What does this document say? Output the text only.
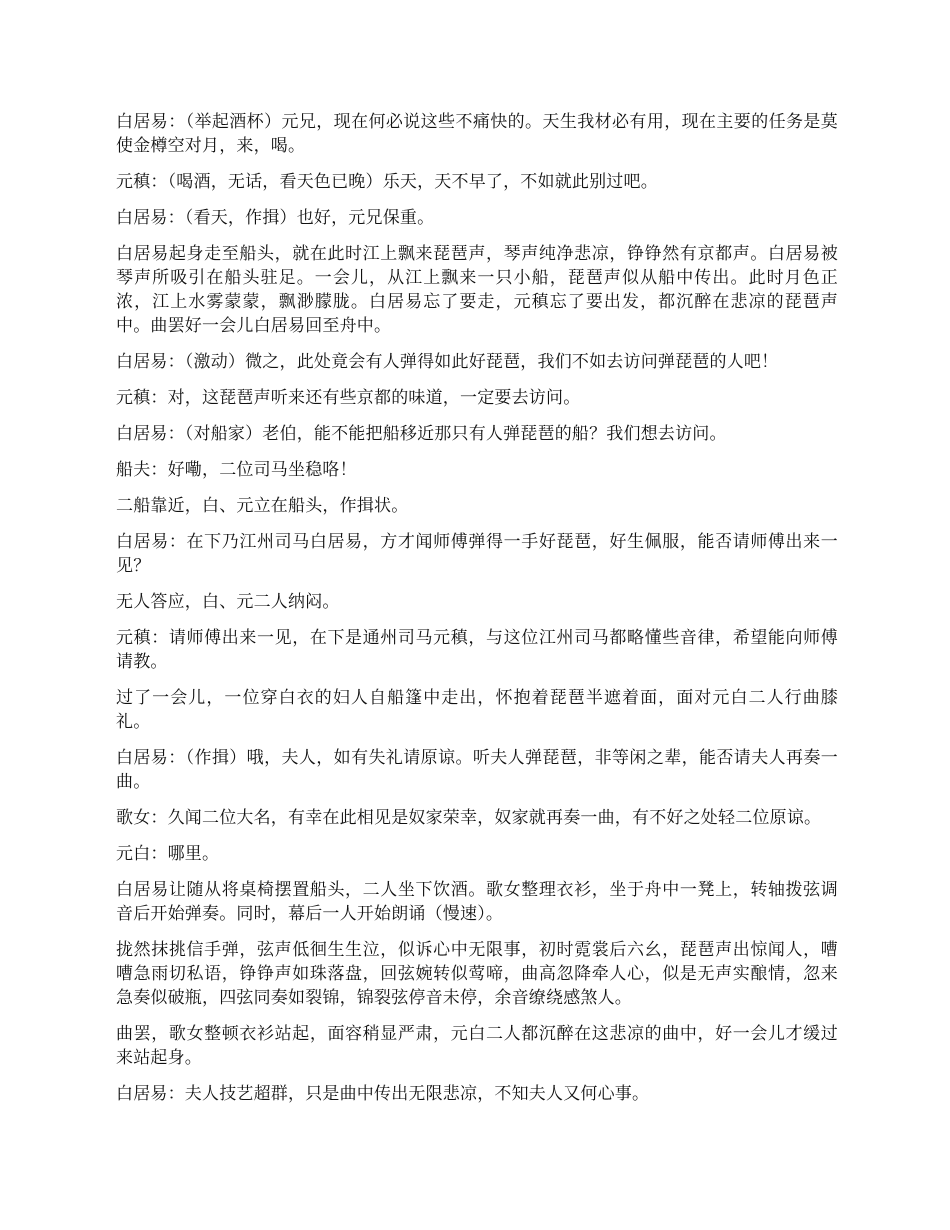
白居易：（举起酒杯）元兄，现在何必说这些不痛快的。天生我材必有用，现在主要的任务是莫使金樽空对月，来，喝。

元稹：（喝酒，无话，看天色已晚）乐天，天不早了，不如就此别过吧。

白居易：（看天，作揖）也好，元兄保重。

白居易起身走至船头，就在此时江上飘来琵琶声，琴声纯净悲凉，铮铮然有京都声。白居易被琴声所吸引在船头驻足。一会儿，从江上飘来一只小船，琵琶声似从船中传出。此时月色正浓，江上水雾蒙蒙，飘渺朦胧。白居易忘了要走，元稹忘了要出发，都沉醉在悲凉的琵琶声中。曲罢好一会儿白居易回至舟中。

白居易：（激动）微之，此处竟会有人弹得如此好琵琶，我们不如去访问弹琵琶的人吧！

元稹：对，这琵琶声听来还有些京都的味道，一定要去访问。

白居易：（对船家）老伯，能不能把船移近那只有人弹琵琶的船？我们想去访问。

船夫：好嘞，二位司马坐稳咯！

二船靠近，白、元立在船头，作揖状。

白居易：在下乃江州司马白居易，方才闻师傅弹得一手好琵琶，好生佩服，能否请师傅出来一见？

无人答应，白、元二人纳闷。

元稹：请师傅出来一见，在下是通州司马元稹，与这位江州司马都略懂些音律，希望能向师傅请教。

过了一会儿，一位穿白衣的妇人自船篷中走出，怀抱着琵琶半遮着面，面对元白二人行曲膝礼。

白居易：（作揖）哦，夫人，如有失礼请原谅。听夫人弹琵琶，非等闲之辈，能否请夫人再奏一曲。

歌女：久闻二位大名，有幸在此相见是奴家荣幸，奴家就再奏一曲，有不好之处轻二位原谅。

元白：哪里。

白居易让随从将桌椅摆置船头，二人坐下饮酒。歌女整理衣衫，坐于舟中一凳上，转轴拨弦调音后开始弹奏。同时，幕后一人开始朗诵（慢速）。

拢然抹挑信手弹，弦声低徊生生泣，似诉心中无限事，初时霓裳后六幺，琵琶声出惊闻人，嘈嘈急雨切私语，铮铮声如珠落盘，回弦婉转似莺啼，曲高忽降牵人心，似是无声实酿情，忽来急奏似破瓶，四弦同奏如裂锦，锦裂弦停音未停，余音缭绕感煞人。

曲罢，歌女整顿衣衫站起，面容稍显严肃，元白二人都沉醉在这悲凉的曲中，好一会儿才缓过来站起身。

白居易：夫人技艺超群，只是曲中传出无限悲凉，不知夫人又何心事。
